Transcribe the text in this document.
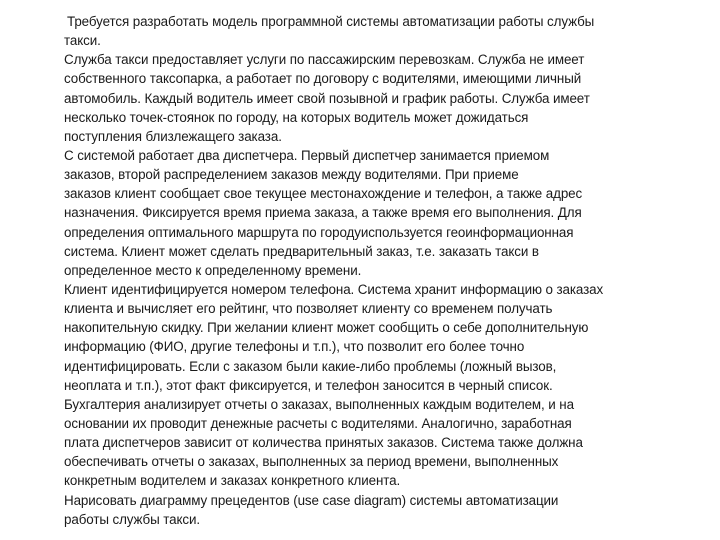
Требуется разработать модель программной системы автоматизации работы службы
такси.
Служба такси предоставляет услуги по пассажирским перевозкам. Служба не имеет
собственного таксопарка, а работает по договору с водителями, имеющими личный
автомобиль. Каждый водитель имеет свой позывной и график работы. Служба имеет
несколько точек-стоянок по городу, на которых водитель может дожидаться
поступления близлежащего заказа.
С системой работает два диспетчера. Первый диспетчер занимается приемом
заказов, второй распределением заказов между водителями. При приеме
заказов клиент сообщает свое текущее местонахождение и телефон, а также адрес
назначения. Фиксируется время приема заказа, а также время его выполнения. Для
определения оптимального маршрута по городуиспользуется геоинформационная
система. Клиент может сделать предварительный заказ, т.е. заказать такси в
определенное место к определенному времени.
Клиент идентифицируется номером телефона. Система хранит информацию о заказах
клиента и вычисляет его рейтинг, что позволяет клиенту со временем получать
накопительную скидку. При желании клиент может сообщить о себе дополнительную
информацию (ФИО, другие телефоны и т.п.), что позволит его более точно
идентифицировать. Если с заказом были какие-либо проблемы (ложный вызов,
неоплата и т.п.), этот факт фиксируется, и телефон заносится в черный список.
Бухгалтерия анализирует отчеты о заказах, выполненных каждым водителем, и на
основании их проводит денежные расчеты с водителями. Аналогично, заработная
плата диспетчеров зависит от количества принятых заказов. Система также должна
обеспечивать отчеты о заказах, выполненных за период времени, выполненных
конкретным водителем и заказах конкретного клиента.
Нарисовать диаграмму прецедентов (use case diagram) системы автоматизации
работы службы такси.
